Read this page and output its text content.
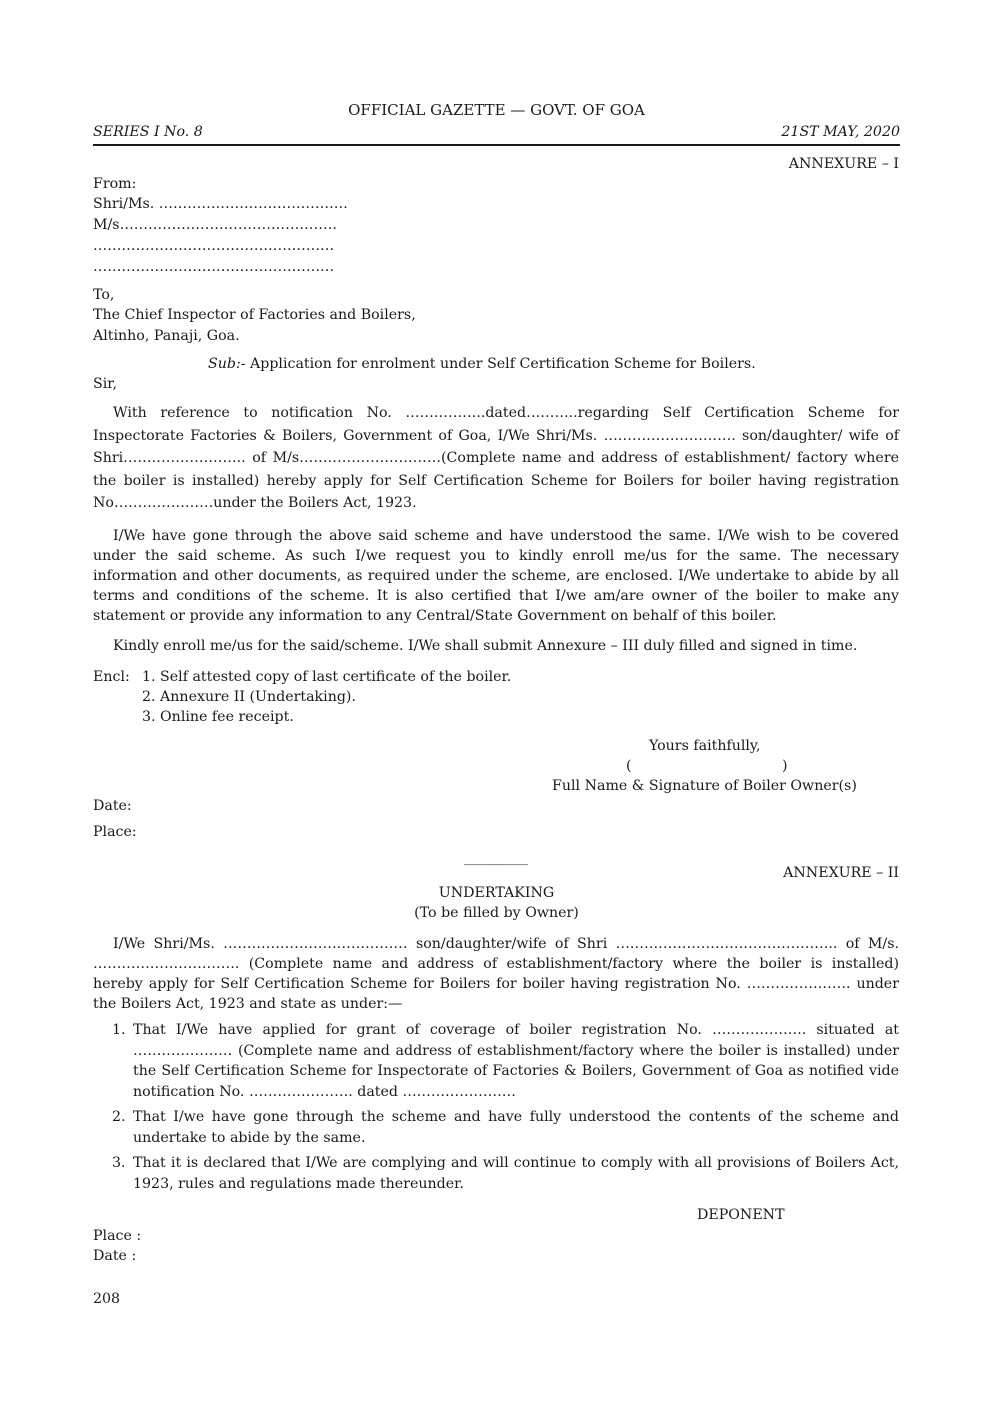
OFFICIAL GAZETTE — GOVT. OF GOA
SERIES I No. 8	21ST MAY, 2020
ANNEXURE – I
From:
Shri/Ms. ………………………………….
M/s……………………………………….
……………………………………………
……………………………………………
To,
The Chief Inspector of Factories and Boilers,
Altinho, Panaji, Goa.
Sub:- Application for enrolment under Self Certification Scheme for Boilers.
Sir,
With reference to notification No. ……………..dated………..regarding Self Certification Scheme for Inspectorate Factories & Boilers, Government of Goa, I/We Shri/Ms. ………………………. son/daughter/ wife of Shri…………………….. of M/s…………………………(Complete name and address of establishment/ factory where the boiler is installed) hereby apply for Self Certification Scheme for Boilers for boiler having registration No…………………under the Boilers Act, 1923.
I/We have gone through the above said scheme and have understood the same. I/We wish to be covered under the said scheme. As such I/we request you to kindly enroll me/us for the same. The necessary information and other documents, as required under the scheme, are enclosed. I/We undertake to abide by all terms and conditions of the scheme. It is also certified that I/we am/are owner of the boiler to make any statement or provide any information to any Central/State Government on behalf of this boiler.
Kindly enroll me/us for the said/scheme. I/We shall submit Annexure – III duly filled and signed in time.
Encl: 1. Self attested copy of last certificate of the boiler.
2. Annexure II (Undertaking).
3. Online fee receipt.
Yours faithfully,
(	)
Full Name & Signature of Boiler Owner(s)
Date:
Place:
_________
ANNEXURE – II
UNDERTAKING
(To be filled by Owner)
I/We Shri/Ms. ………………………………… son/daughter/wife of Shri ……………………………………….. of M/s. …………………………. (Complete name and address of establishment/factory where the boiler is installed) hereby apply for Self Certification Scheme for Boilers for boiler having registration No. …………………. under the Boilers Act, 1923 and state as under:—
1. That I/We have applied for grant of coverage of boiler registration No. ……………….. situated at ………………… (Complete name and address of establishment/factory where the boiler is installed) under the Self Certification Scheme for Inspectorate of Factories & Boilers, Government of Goa as notified vide notification No. …………………. dated ……………………
2. That I/we have gone through the scheme and have fully understood the contents of the scheme and undertake to abide by the same.
3. That it is declared that I/We are complying and will continue to comply with all provisions of Boilers Act, 1923, rules and regulations made thereunder.
DEPONENT
Place :
Date :
208
